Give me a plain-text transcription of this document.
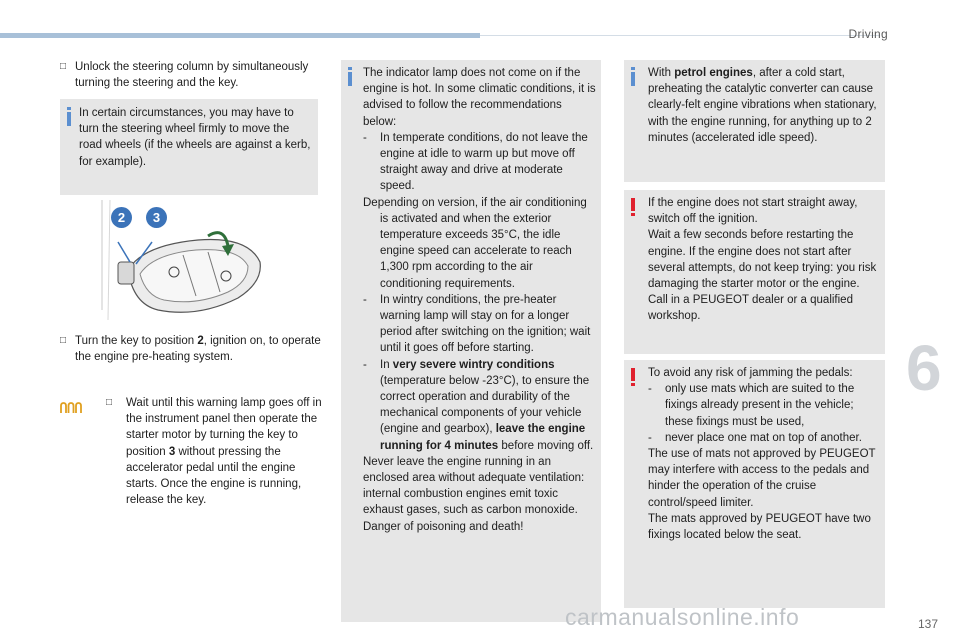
Driving
□ Unlock the steering column by simultaneously turning the steering and the key.
In certain circumstances, you may have to turn the steering wheel firmly to move the road wheels (if the wheels are against a kerb, for example).
2	3
□ Turn the key to position 2, ignition on, to operate the engine pre-heating system.
□ Wait until this warning lamp goes off in the instrument panel then operate the starter motor by turning the key to position 3 without pressing the accelerator pedal until the engine starts. Once the engine is running, release the key.
The indicator lamp does not come on if the engine is hot. In some climatic conditions, it is advised to follow the recommendations below:
- In temperate conditions, do not leave the engine at idle to warm up but move off straight away and drive at moderate speed.
Depending on version, if the air conditioning is activated and when the exterior temperature exceeds 35°C, the idle engine speed can accelerate to reach 1,300 rpm according to the air conditioning requirements.
- In wintry conditions, the pre-heater warning lamp will stay on for a longer period after switching on the ignition; wait until it goes off before starting.
- In very severe wintry conditions (temperature below -23°C), to ensure the correct operation and durability of the mechanical components of your vehicle (engine and gearbox), leave the engine running for 4 minutes before moving off.
Never leave the engine running in an enclosed area without adequate ventilation: internal combustion engines emit toxic exhaust gases, such as carbon monoxide. Danger of poisoning and death!
With petrol engines, after a cold start, preheating the catalytic converter can cause clearly-felt engine vibrations when stationary, with the engine running, for anything up to 2 minutes (accelerated idle speed).
If the engine does not start straight away, switch off the ignition.
Wait a few seconds before restarting the engine. If the engine does not start after several attempts, do not keep trying: you risk damaging the starter motor or the engine.
Call in a PEUGEOT dealer or a qualified workshop.
To avoid any risk of jamming the pedals:
- only use mats which are suited to the fixings already present in the vehicle; these fixings must be used,
- never place one mat on top of another.
The use of mats not approved by PEUGEOT may interfere with access to the pedals and hinder the operation of the cruise control/speed limiter.
The mats approved by PEUGEOT have two fixings located below the seat.
6
carmanualsonline.info	137
